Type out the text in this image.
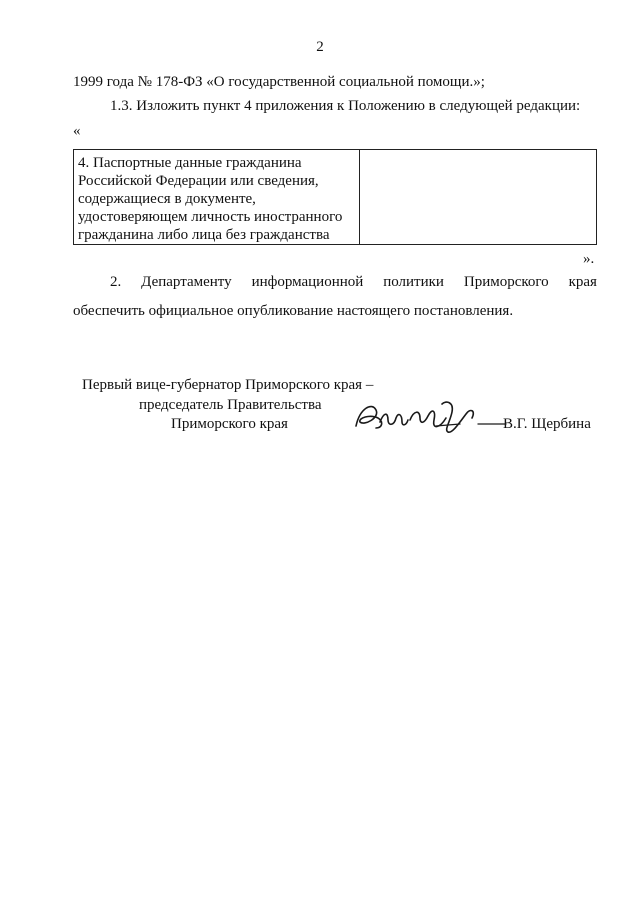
2
1999 года № 178-ФЗ «О государственной социальной помощи.»;
1.3. Изложить пункт 4 приложения к Положению в следующей редакции:
«
4. Паспортные данные гражданина
Российской Федерации или сведения,
содержащиеся в документе,
удостоверяющем личность иностранного
гражданина либо лица без гражданства
».
2. Департаменту информационной политики Приморского края
обеспечить официальное опубликование настоящего постановления.
Первый вице-губернатор Приморского края –
председатель Правительства
Приморского края	В.Г. Щербина
